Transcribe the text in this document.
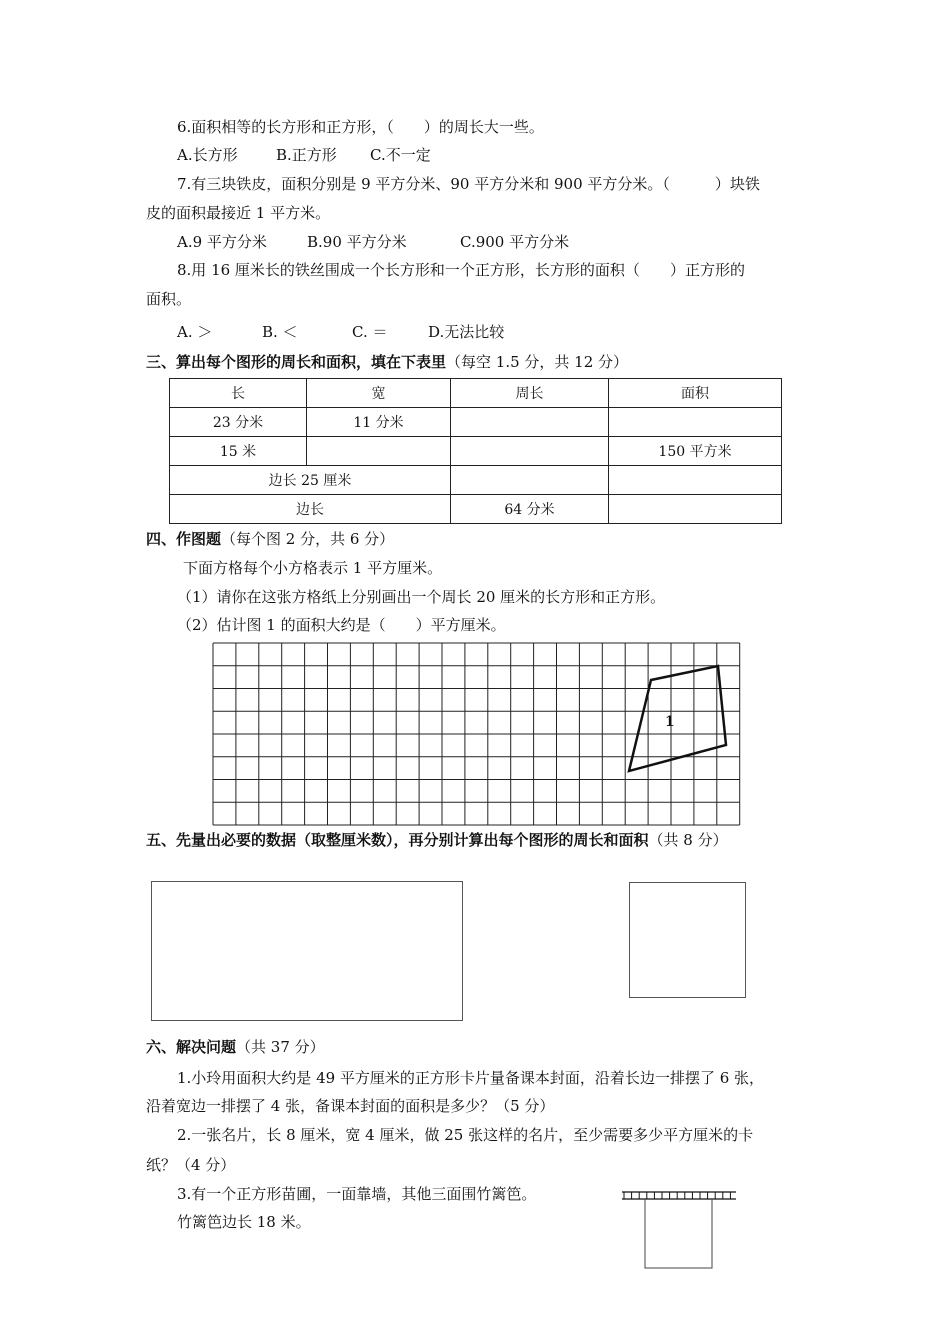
6.面积相等的长方形和正方形，（　　）的周长大一些。
A.长方形	B.正方形 C.不一定
7.有三块铁皮，面积分别是 9 平方分米、90 平方分米和 900 平方分米。（　　　）块铁
皮的面积最接近 1 平方米。
A.9 平方分米	B.90 平方分米	C.900 平方分米
8.用 16 厘米长的铁丝围成一个长方形和一个正方形，长方形的面积（　　）正方形的
面积。
A. ＞	B. ＜	C. ＝	D.无法比较
三、算出每个图形的周长和面积，填在下表里（每空 1.5 分，共 12 分）
长	宽	周长	面积
23 分米	11 分米		
15 米			150 平方米
边长 25 厘米			
边长		64 分米	
四、作图题（每个图 2 分，共 6 分）
下面方格每个小方格表示 1 平方厘米。
（1）请你在这张方格纸上分别画出一个周长 20 厘米的长方形和正方形。
（2）估计图 1 的面积大约是（　　）平方厘米。
1
五、先量出必要的数据（取整厘米数），再分别计算出每个图形的周长和面积（共 8 分）
六、解决问题（共 37 分）
1.小玲用面积大约是 49 平方厘米的正方形卡片量备课本封面，沿着长边一排摆了 6 张，
沿着宽边一排摆了 4 张，备课本封面的面积是多少？（5 分）
2.一张名片，长 8 厘米，宽 4 厘米，做 25 张这样的名片，至少需要多少平方厘米的卡
纸？（4 分）
3.有一个正方形苗圃，一面靠墙，其他三面围竹篱笆。
竹篱笆边长 18 米。
